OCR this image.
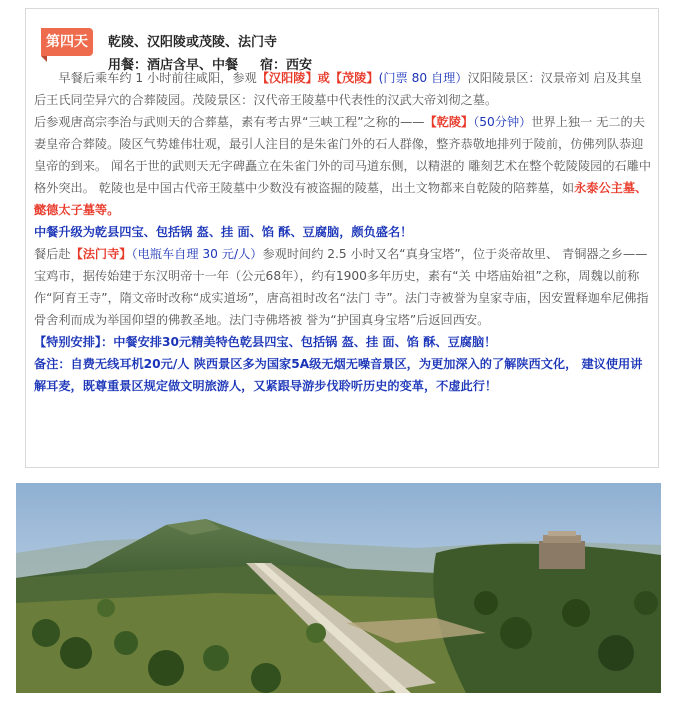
第四天	乾陵、汉阳陵或茂陵、法门寺
用餐：酒店含早、中餐 宿：西安

早餐后乘车约 1 小时前往咸阳，参观【汉阳陵】或【茂陵】(门票 80 自理）汉阳陵景区：汉景帝刘 启及其皇后王氏同茔异穴的合葬陵园。茂陵景区：汉代帝王陵墓中代表性的汉武大帝刘彻之墓。

后参观唐高宗李治与武则天的合葬墓，素有考古界“三峡工程”之称的——【乾陵】（50分钟）世界上独一 无二的夫妻皇帝合葬陵。陵区气势雄伟壮观，最引人注目的是朱雀门外的石人群像，整齐恭敬地排列于陵前，仿佛列队恭迎皇帝的到来。 闻名于世的武则天无字碑矗立在朱雀门外的司马道东侧，以精湛的 雕刻艺术在整个乾陵陵园的石雕中格外突出。 乾陵也是中国古代帝王陵墓中少数没有被盗掘的陵墓，出土文物都来自乾陵的陪葬墓，如永泰公主墓、懿德太子墓等。

中餐升级为乾县四宝、包括锅 盔、挂 面、馅 酥、豆腐脑，颇负盛名！

餐后赴【法门寺】（电瓶车自理 30 元/人）参观时间约 2.5 小时又名“真身宝塔”，位于炎帝故里、 青铜器之乡——宝鸡市，据传始建于东汉明帝十一年（公元68年），约有1900多年历史，素有“关 中塔庙始祖”之称，周魏以前称作“阿育王寺”，隋文帝时改称“成实道场”，唐高祖时改名“法门 寺”。法门寺被誉为皇家寺庙，因安置释迦牟尼佛指骨舍利而成为举国仰望的佛教圣地。法门寺佛塔被 誉为“护国真身宝塔”后返回西安。

【特别安排】：中餐安排30元精美特色乾县四宝、包括锅 盔、挂 面、馅 酥、豆腐脑！

备注：自费无线耳机20元/人 陕西景区多为国家5A级无烟无噪音景区，为更加深入的了解陕西文化， 建议使用讲解耳麦，既尊重景区规定做文明旅游人，又紧跟导游步伐聆听历史的变革，不虚此行！
